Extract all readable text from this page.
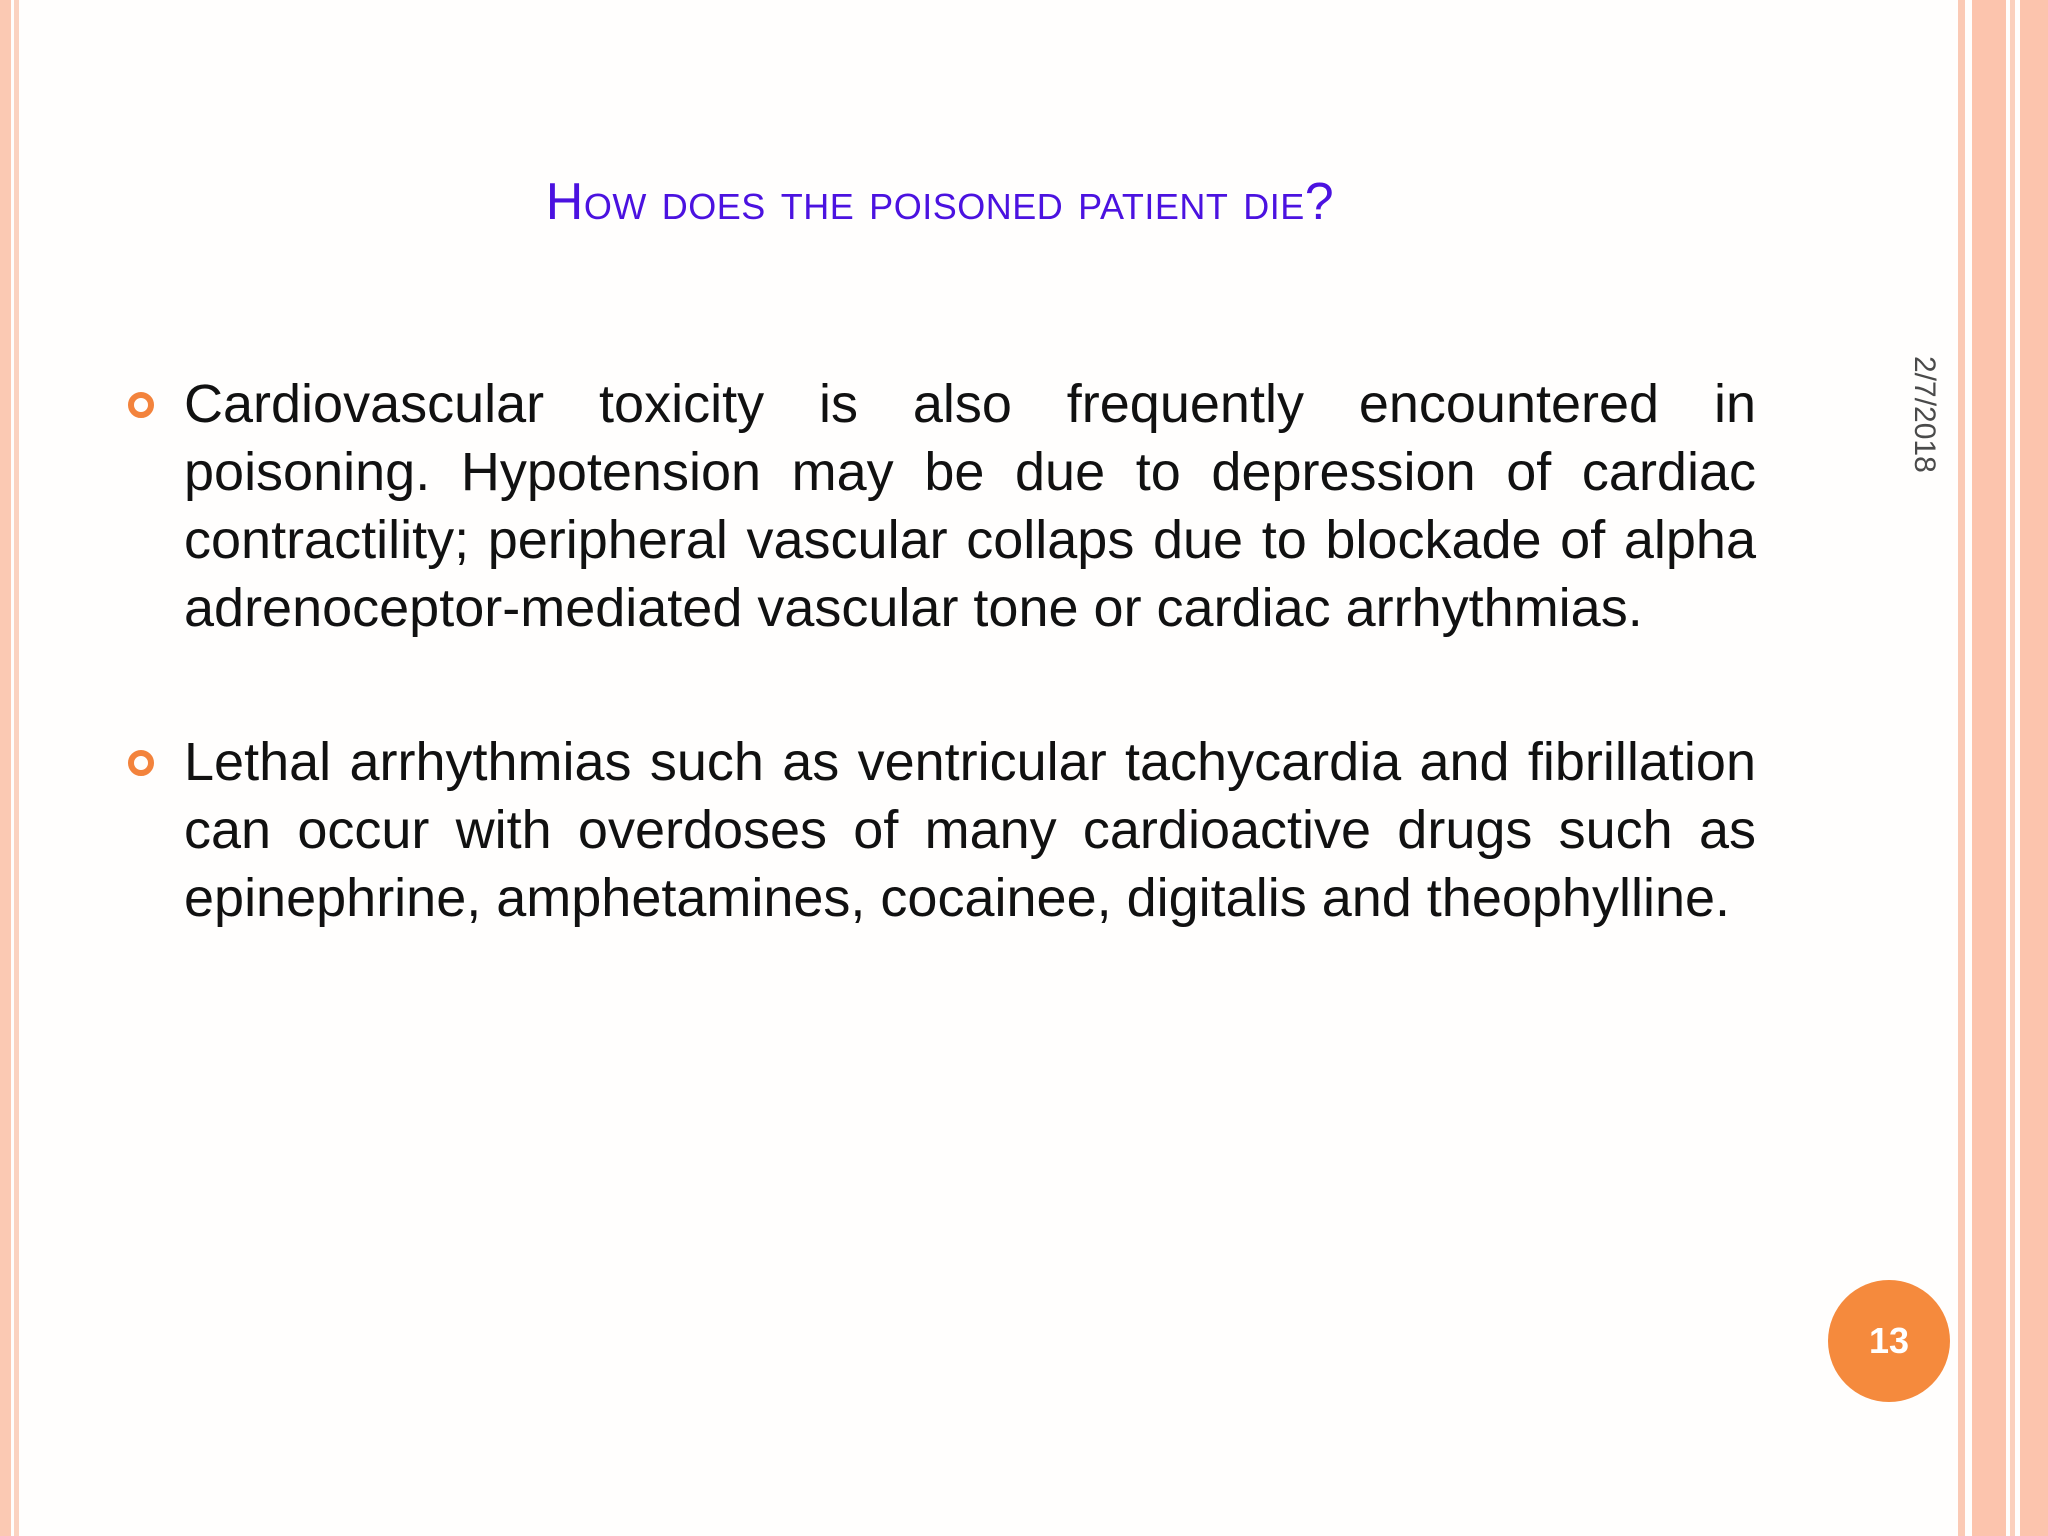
How does the poisoned patient die?
2/7/2018
Cardiovascular toxicity is also frequently encountered in poisoning. Hypotension may be due to depression of cardiac contractility; peripheral vascular collaps due to blockade of alpha adrenoceptor-mediated vascular tone or cardiac arrhythmias.
Lethal arrhythmias such as ventricular tachycardia and fibrillation can occur with overdoses of many cardioactive drugs such as epinephrine, amphetamines, cocainee, digitalis and theophylline.
13
